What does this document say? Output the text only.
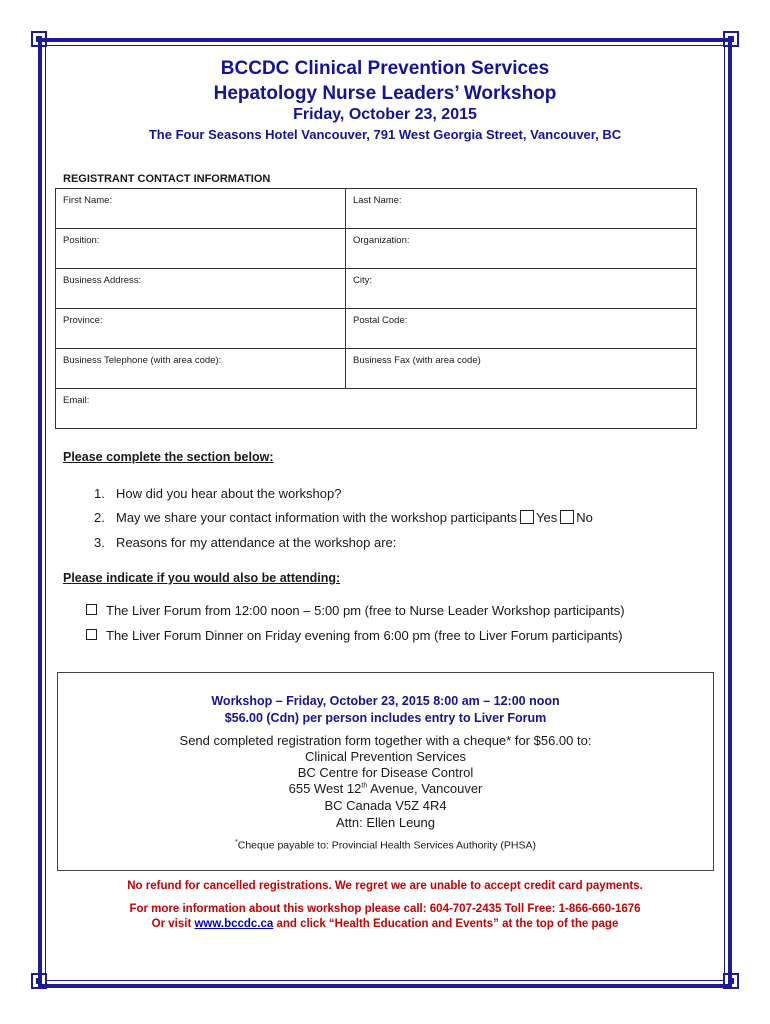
BCCDC Clinical Prevention Services
Hepatology Nurse Leaders’ Workshop
Friday, October 23, 2015
The Four Seasons Hotel Vancouver, 791 West Georgia Street, Vancouver, BC
REGISTRANT CONTACT INFORMATION
First Name:	Last Name:
Position:	Organization:
Business Address:	City:
Province:	Postal Code:
Business Telephone (with area code):	Business Fax (with area code)
Email:	
Please complete the section below:
1. How did you hear about the workshop?
2. May we share your contact information with the workshop participants Yes No
3. Reasons for my attendance at the workshop are:
Please indicate if you would also be attending:
The Liver Forum from 12:00 noon – 5:00 pm (free to Nurse Leader Workshop participants)
The Liver Forum Dinner on Friday evening from 6:00 pm (free to Liver Forum participants)
Workshop – Friday, October 23, 2015 8:00 am – 12:00 noon
$56.00 (Cdn) per person includes entry to Liver Forum
Send completed registration form together with a cheque* for $56.00 to:
Clinical Prevention Services
BC Centre for Disease Control
655 West 12th Avenue, Vancouver
BC Canada V5Z 4R4
Attn: Ellen Leung
*Cheque payable to: Provincial Health Services Authority (PHSA)
No refund for cancelled registrations. We regret we are unable to accept credit card payments.
For more information about this workshop please call: 604-707-2435 Toll Free: 1-866-660-1676
Or visit www.bccdc.ca and click “Health Education and Events” at the top of the page
